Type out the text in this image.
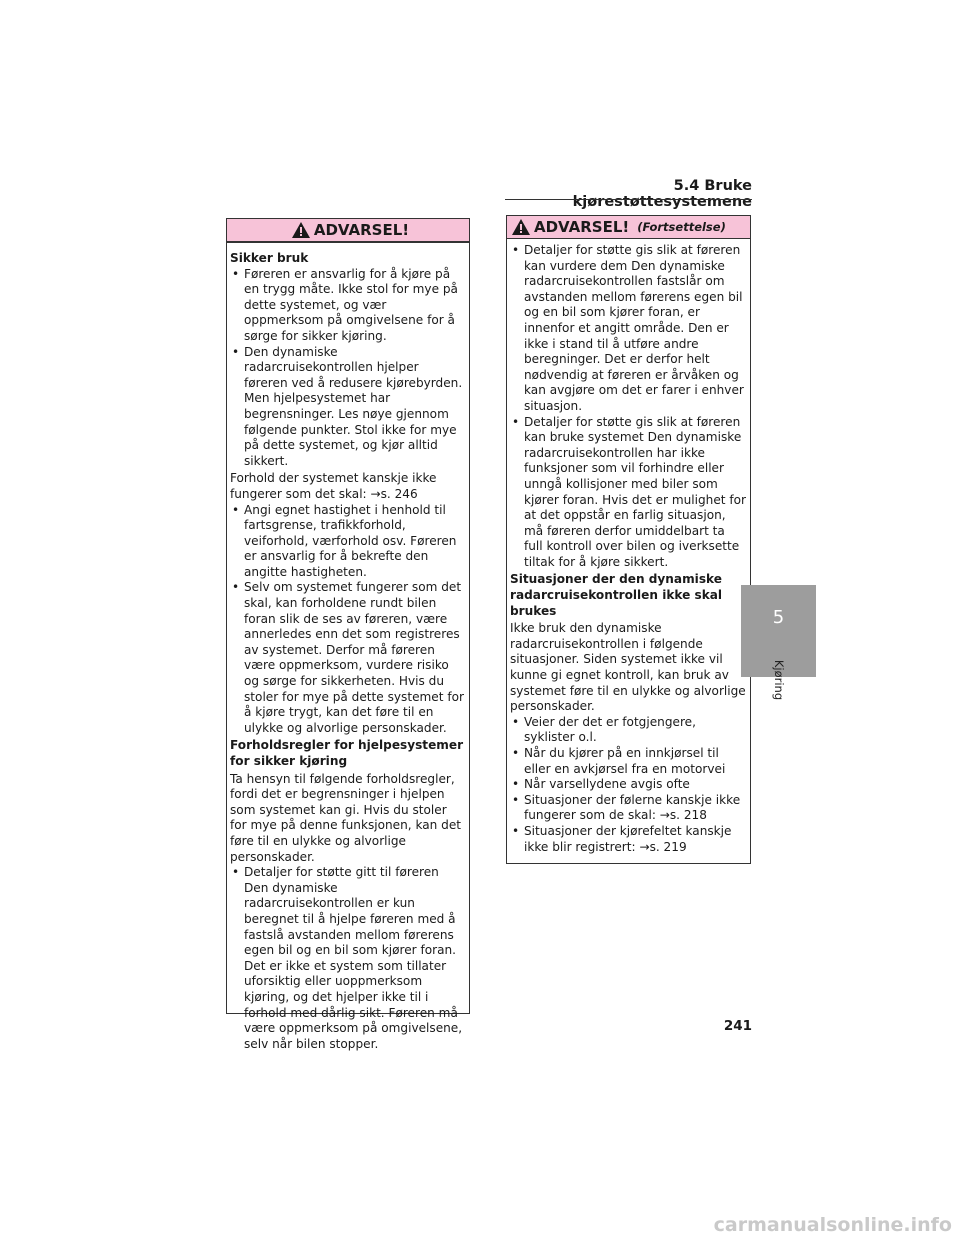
5.4 Bruke kjørestøttesystemene
ADVARSEL!
Sikker bruk
• Føreren er ansvarlig for å kjøre på en trygg måte. Ikke stol for mye på dette systemet, og vær oppmerksom på omgivelsene for å sørge for sikker kjøring.
• Den dynamiske radarcruisekontrollen hjelper føreren ved å redusere kjørebyrden. Men hjelpesystemet har begrensninger. Les nøye gjennom følgende punkter. Stol ikke for mye på dette systemet, og kjør alltid sikkert.
Forhold der systemet kanskje ikke fungerer som det skal: →s. 246
• Angi egnet hastighet i henhold til fartsgrense, trafikkforhold, veiforhold, værforhold osv. Føreren er ansvarlig for å bekrefte den angitte hastigheten.
• Selv om systemet fungerer som det skal, kan forholdene rundt bilen foran slik de ses av føreren, være annerledes enn det som registreres av systemet. Derfor må føreren være oppmerksom, vurdere risiko og sørge for sikkerheten. Hvis du stoler for mye på dette systemet for å kjøre trygt, kan det føre til en ulykke og alvorlige personskader.
Forholdsregler for hjelpesystemer for sikker kjøring
Ta hensyn til følgende forholdsregler, fordi det er begrensninger i hjelpen som systemet kan gi. Hvis du stoler for mye på denne funksjonen, kan det føre til en ulykke og alvorlige personskader.
• Detaljer for støtte gitt til føreren Den dynamiske radarcruisekontrollen er kun beregnet til å hjelpe føreren med å fastslå avstanden mellom førerens egen bil og en bil som kjører foran. Det er ikke et system som tillater uforsiktig eller uoppmerksom kjøring, og det hjelper ikke til i forhold med dårlig sikt. Føreren må være oppmerksom på omgivelsene, selv når bilen stopper.
ADVARSEL! (Fortsettelse)
• Detaljer for støtte gis slik at føreren kan vurdere dem Den dynamiske radarcruisekontrollen fastslår om avstanden mellom førerens egen bil og en bil som kjører foran, er innenfor et angitt område. Den er ikke i stand til å utføre andre beregninger. Det er derfor helt nødvendig at føreren er årvåken og kan avgjøre om det er farer i enhver situasjon.
• Detaljer for støtte gis slik at føreren kan bruke systemet Den dynamiske radarcruisekontrollen har ikke funksjoner som vil forhindre eller unngå kollisjoner med biler som kjører foran. Hvis det er mulighet for at det oppstår en farlig situasjon, må føreren derfor umiddelbart ta full kontroll over bilen og iverksette tiltak for å kjøre sikkert.
Situasjoner der den dynamiske radarcruisekontrollen ikke skal brukes
Ikke bruk den dynamiske radarcruisekontrollen i følgende situasjoner. Siden systemet ikke vil kunne gi egnet kontroll, kan bruk av systemet føre til en ulykke og alvorlige personskader.
• Veier der det er fotgjengere, syklister o.l.
• Når du kjører på en innkjørsel til eller en avkjørsel fra en motorvei
• Når varsellydene avgis ofte
• Situasjoner der følerne kanskje ikke fungerer som de skal: →s. 218
• Situasjoner der kjørefeltet kanskje ikke blir registrert: →s. 219
5
Kjøring
241
carmanualsonline.info
